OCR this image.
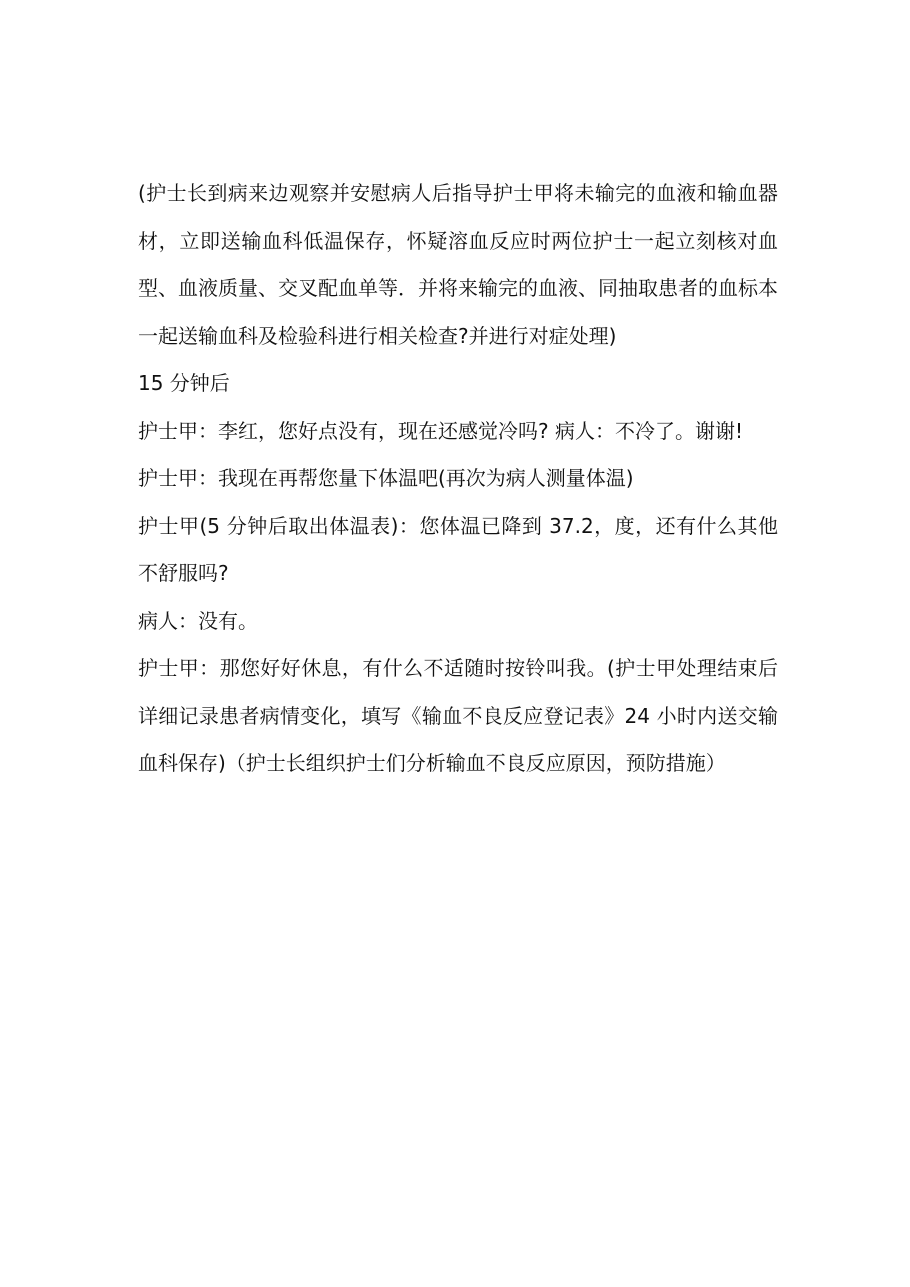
(护士长到病来边观察并安慰病人后指导护士甲将未输完的血液和输血器材，立即送输血科低温保存，怀疑溶血反应时两位护士一起立刻核对血型、血液质量、交叉配血单等．并将来输完的血液、同抽取患者的血标本一起送输血科及检验科进行相关检查?并进行对症处理)

15 分钟后

护士甲：李红，您好点没有，现在还感觉冷吗? 病人：不冷了。谢谢!

护士甲：我现在再帮您量下体温吧(再次为病人测量体温)

护士甲(5 分钟后取出体温表)：您体温已降到 37.2，度，还有什么其他不舒服吗?

病人：没有。

护士甲：那您好好休息，有什么不适随时按铃叫我。(护士甲处理结束后详细记录患者病情变化，填写《输血不良反应登记表》24 小时内送交输血科保存)（护士长组织护士们分析输血不良反应原因，预防措施）
